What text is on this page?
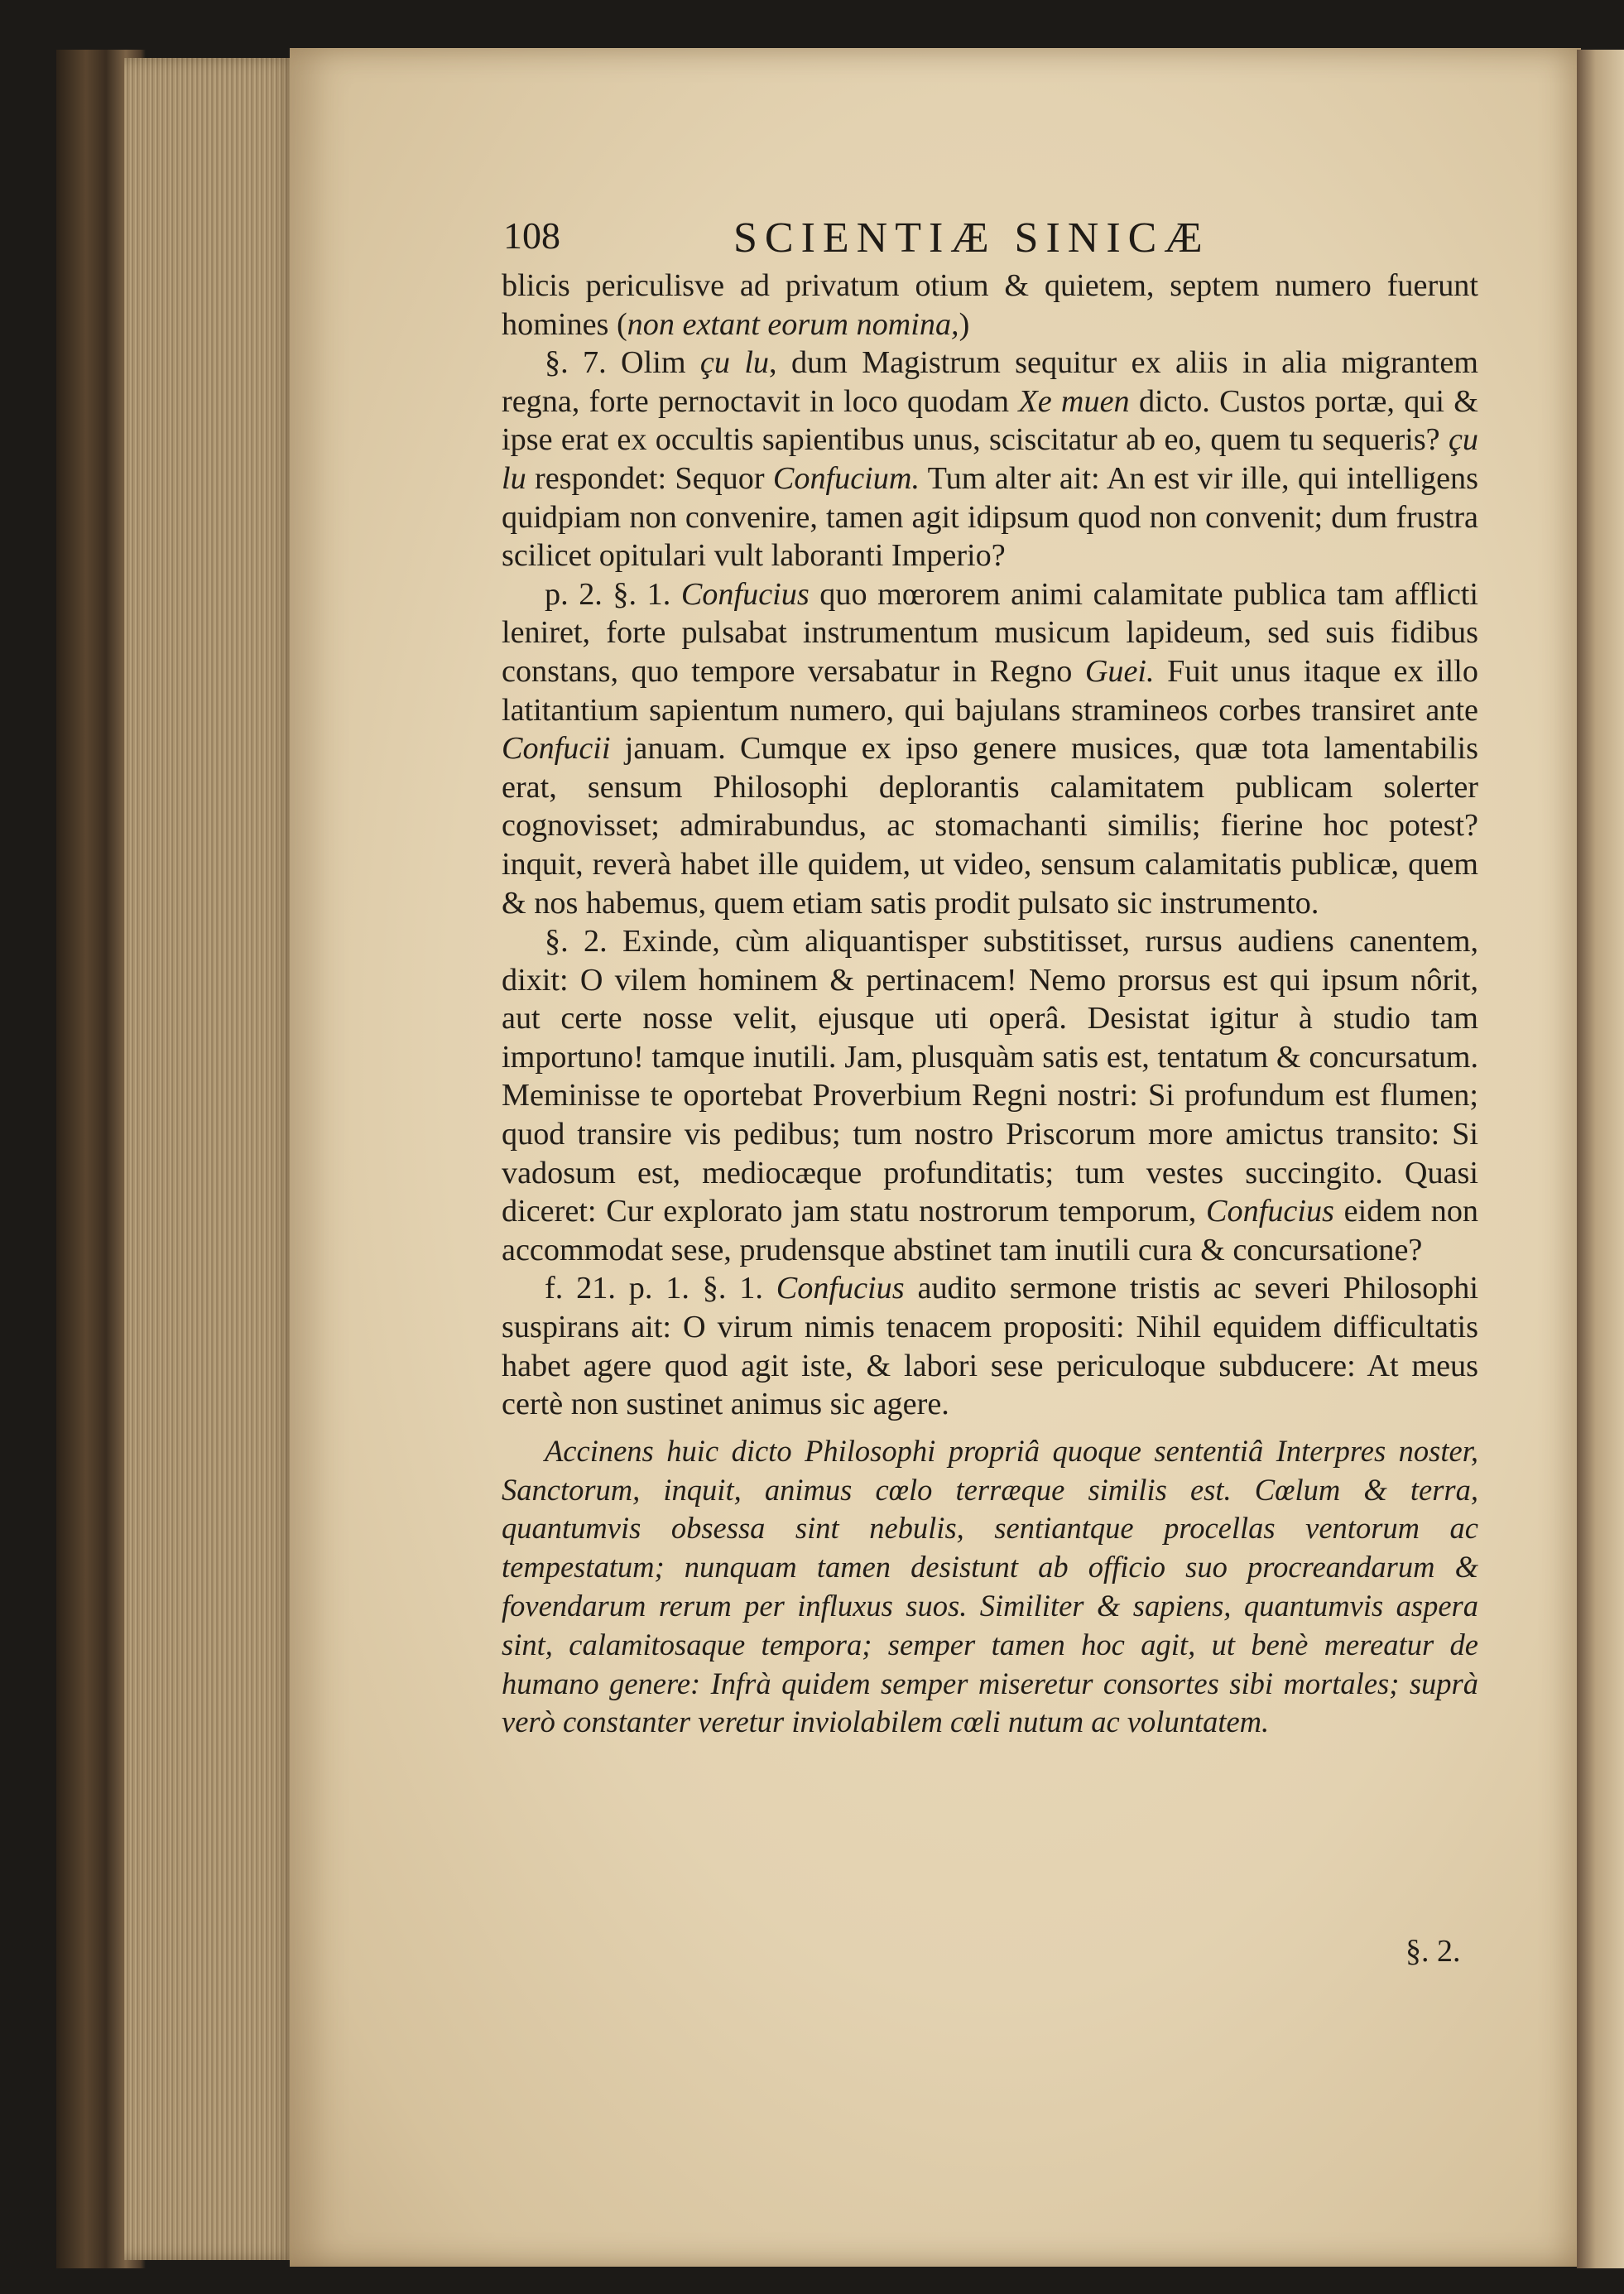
108	SCIENTIÆ SINICÆ

blicis periculisve ad privatum otium & quietem, septem numero fuerunt homines (non extant eorum nomina,)

§. 7. Olim çu lu, dum Magistrum sequitur ex aliis in alia migrantem regna, forte pernoctavit in loco quodam Xe muen dicto. Custos portæ, qui & ipse erat ex occultis sapientibus unus, sciscitatur ab eo, quem tu sequeris? çu lu respondet: Sequor Confucium. Tum alter ait: An est vir ille, qui intelligens quidpiam non convenire, tamen agit idipsum quod non convenit; dum frustra scilicet opitulari vult laboranti Imperio?

p. 2. §. 1. Confucius quo mœrorem animi calamitate publica tam afflicti leniret, forte pulsabat instrumentum musicum lapideum, sed suis fidibus constans, quo tempore versabatur in Regno Guei. Fuit unus itaque ex illo latitantium sapientum numero, qui bajulans stramineos corbes transiret ante Confucii januam. Cumque ex ipso genere musices, quæ tota lamentabilis erat, sensum Philosophi deplorantis calamitatem publicam solerter cognovisset; admirabundus, ac stomachanti similis; fierine hoc potest? inquit, reverà habet ille quidem, ut video, sensum calamitatis publicæ, quem & nos habemus, quem etiam satis prodit pulsato sic instrumento.

§. 2. Exinde, cùm aliquantisper substitisset, rursus audiens canentem, dixit: O vilem hominem & pertinacem! Nemo prorsus est qui ipsum nôrit, aut certe nosse velit, ejusque uti operâ. Desistat igitur à studio tam importuno! tamque inutili. Jam, plusquàm satis est, tentatum & concursatum. Meminisse te oportebat Proverbium Regni nostri: Si profundum est flumen; quod transire vis pedibus; tum nostro Priscorum more amictus transito: Si vadosum est, mediocæque profunditatis; tum vestes succingito. Quasi diceret: Cur explorato jam statu nostrorum temporum, Confucius eidem non accommodat sese, prudensque abstinet tam inutili cura & concursatione?

f. 21. p. 1. §. 1. Confucius audito sermone tristis ac severi Philosophi suspirans ait: O virum nimis tenacem propositi: Nihil equidem difficultatis habet agere quod agit iste, & labori sese periculoque subducere: At meus certè non sustinet animus sic agere.

Accinens huic dicto Philosophi propriâ quoque sententiâ Interpres noster, Sanctorum, inquit, animus cœlo terræque similis est. Cœlum & terra, quantumvis obsessa sint nebulis, sentiantque procellas ventorum ac tempestatum; nunquam tamen desistunt ab officio suo procreandarum & fovendarum rerum per influxus suos. Similiter & sapiens, quantumvis aspera sint, calamitosaque tempora; semper tamen hoc agit, ut benè mereatur de humano genere: Infrà quidem semper miseretur consortes sibi mortales; suprà verò constanter veretur inviolabilem cœli nutum ac voluntatem.

§. 2.
